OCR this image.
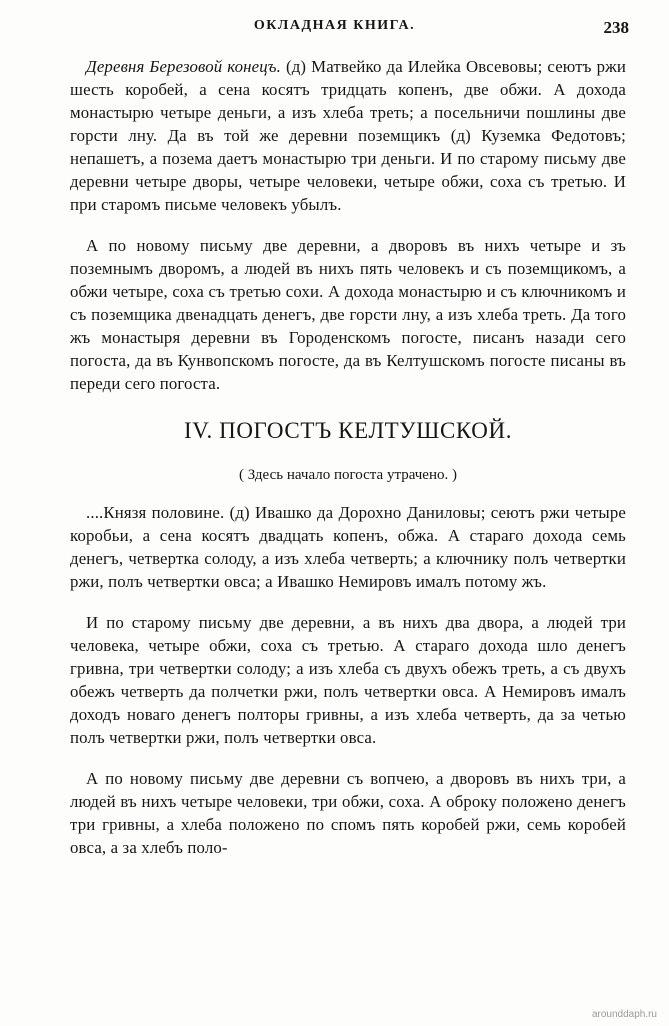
ОКЛАДНАЯ КНИГА.	238

Деревня Березовой конецъ. (д) Матвейко да Илейка Овсевовы; сеютъ ржи шесть коробей, а сена косятъ тридцать копенъ, две обжи. А дохода монастырю четыре деньги, а изъ хлеба треть; а посельничи пошлины две горсти лну. Да въ той же деревни поземщикъ (д) Куземка Федотовъ; непашетъ, а позема даетъ монастырю три деньги. И по старому письму две деревни четыре дворы, четыре человеки, четыре обжи, соха съ третью. И при старомъ письме человекъ убылъ.

А по новому письму две деревни, а дворовъ въ нихъ четыре и зъ поземнымъ дворомъ, а людей въ нихъ пять человекъ и съ поземщикомъ, а обжи четыре, соха съ третью сохи. А дохода монастырю и съ ключникомъ и съ поземщика двенадцать денегъ, две горсти лну, а изъ хлеба треть. Да того жъ монастыря деревни въ Городенскомъ погосте, писанъ назади сего погоста, да въ Кунвопскомъ погосте, да въ Келтушскомъ погосте писаны въ переди сего погоста.

IV. ПОГОСТЪ КЕЛТУШСКОЙ.
( Здесь начало погоста утрачено. )

....Князя половинe. (д) Ивашко да Дорохно Даниловы; сеютъ ржи четыре коробьи, а сена косятъ двадцать копенъ, обжа. А стараго дохода семь денегъ, четвертка солоду, а изъ хлеба четверть; а ключнику полъ четвертки ржи, полъ четвертки овса; а Ивашко Немировъ ималъ потому жъ.

И по старому письму две деревни, а въ нихъ два двора, а людей три человека, четыре обжи, соха съ третью. А стараго дохода шло денегъ гривна, три четвертки солоду; а изъ хлеба съ двухъ обежъ треть, а съ двухъ обежъ четверть да полчетки ржи, полъ четвертки овса. А Немировъ ималъ доходъ новаго денегъ полторы гривны, а изъ хлеба четверть, да за четью полъ четвертки ржи, полъ четвертки овса.

А по новому письму две деревни съ вопчею, а дворовъ въ нихъ три, а людей въ нихъ четыре человеки, три обжи, соха. А оброку положено денегъ три гривны, а хлеба положено по спомъ пять коробей ржи, семь коробей овса, а за хлебъ поло-

arounddaph.ru
